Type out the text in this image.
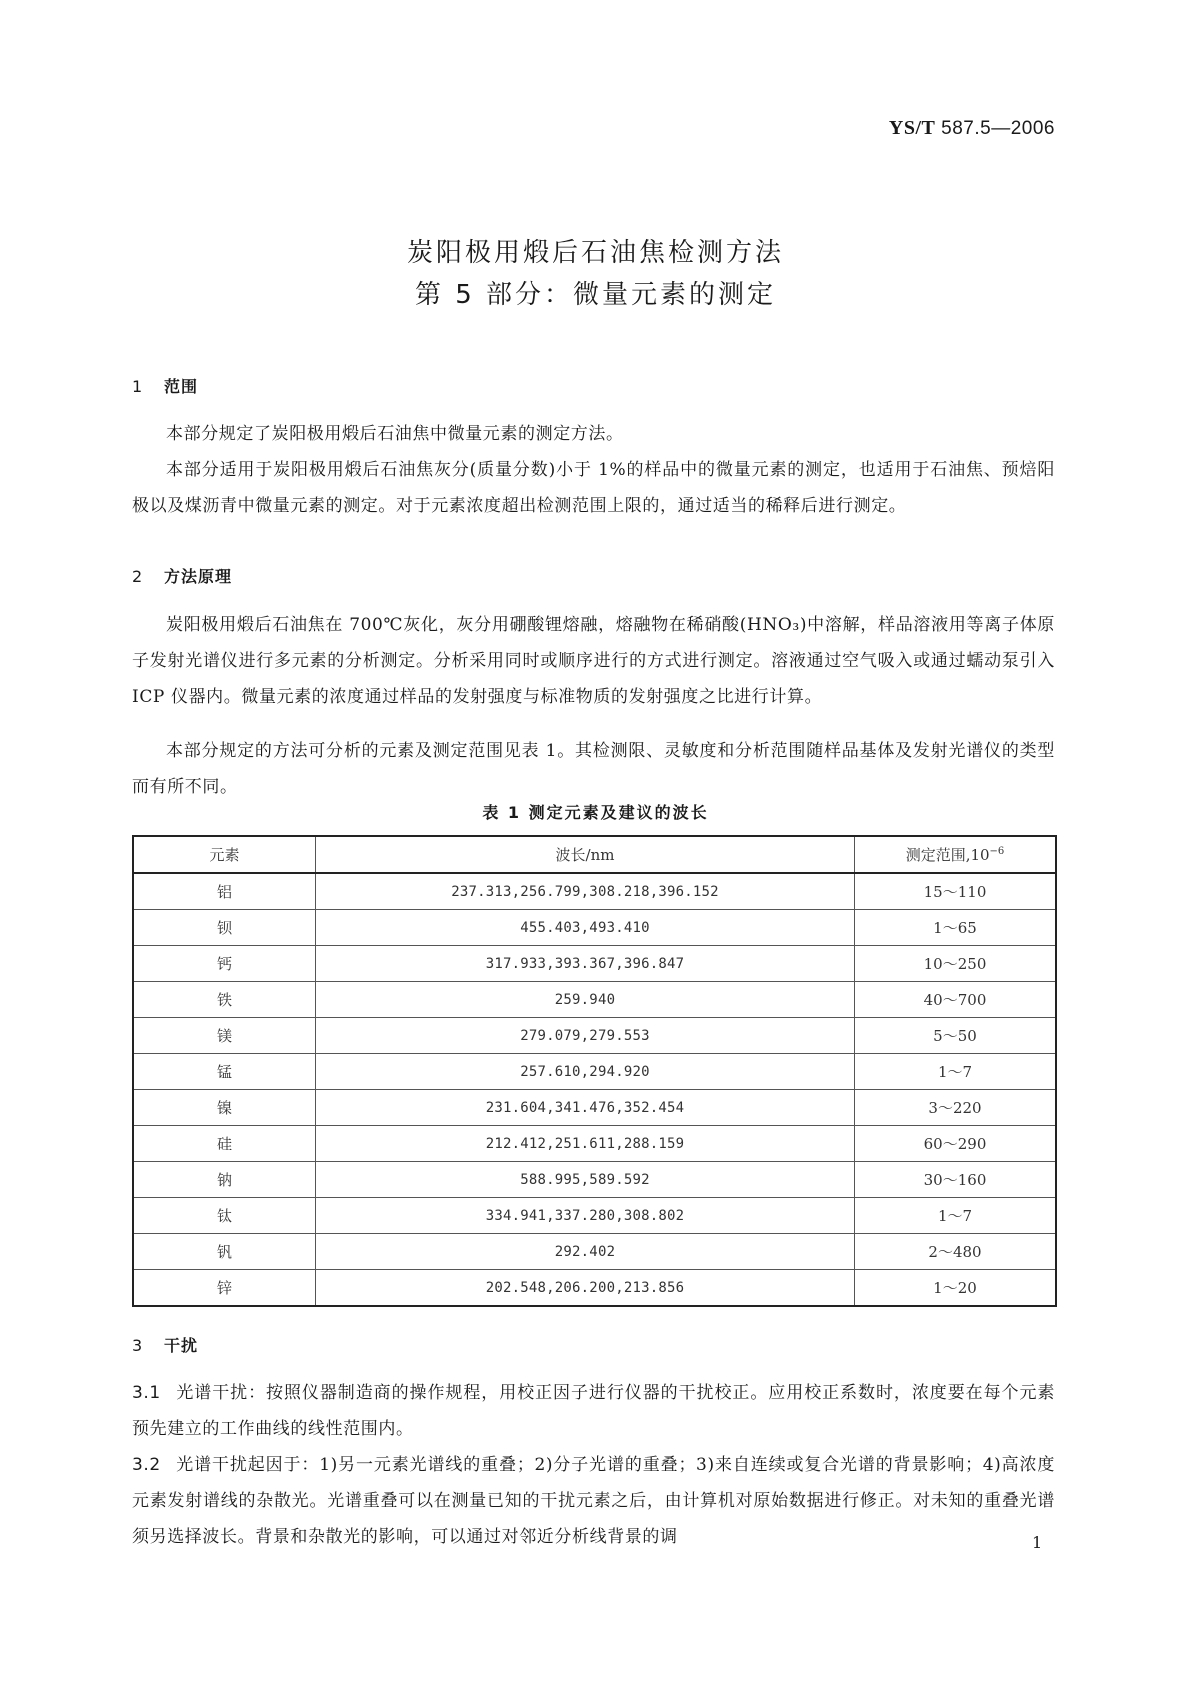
YS/T 587.5—2006
炭阳极用煅后石油焦检测方法
第 5 部分：微量元素的测定
1 范围
本部分规定了炭阳极用煅后石油焦中微量元素的测定方法。
本部分适用于炭阳极用煅后石油焦灰分(质量分数)小于 1%的样品中的微量元素的测定，也适用于石油焦、预焙阳极以及煤沥青中微量元素的测定。对于元素浓度超出检测范围上限的，通过适当的稀释后进行测定。
2 方法原理
炭阳极用煅后石油焦在 700℃灰化，灰分用硼酸锂熔融，熔融物在稀硝酸(HNO₃)中溶解，样品溶液用等离子体原子发射光谱仪进行多元素的分析测定。分析采用同时或顺序进行的方式进行测定。溶液通过空气吸入或通过蠕动泵引入 ICP 仪器内。微量元素的浓度通过样品的发射强度与标准物质的发射强度之比进行计算。
本部分规定的方法可分析的元素及测定范围见表 1。其检测限、灵敏度和分析范围随样品基体及发射光谱仪的类型而有所不同。
表 1 测定元素及建议的波长
元素	波长/nm	测定范围$,10^{-6}$
铝	237.313,256.799,308.218,396.152	15～110
钡	455.403,493.410	1～65
钙	317.933,393.367,396.847	10～250
铁	259.940	40～700
镁	279.079,279.553	5～50
锰	257.610,294.920	1～7
镍	231.604,341.476,352.454	3～220
硅	212.412,251.611,288.159	60～290
钠	588.995,589.592	30～160
钛	334.941,337.280,308.802	1～7
钒	292.402	2～480
锌	202.548,206.200,213.856	1～20
3 干扰
3.1 光谱干扰：按照仪器制造商的操作规程，用校正因子进行仪器的干扰校正。应用校正系数时，浓度要在每个元素预先建立的工作曲线的线性范围内。
3.2 光谱干扰起因于：1)另一元素光谱线的重叠；2)分子光谱的重叠；3)来自连续或复合光谱的背景影响；4)高浓度元素发射谱线的杂散光。光谱重叠可以在测量已知的干扰元素之后，由计算机对原始数据进行修正。对未知的重叠光谱须另选择波长。背景和杂散光的影响，可以通过对邻近分析线背景的调	1
